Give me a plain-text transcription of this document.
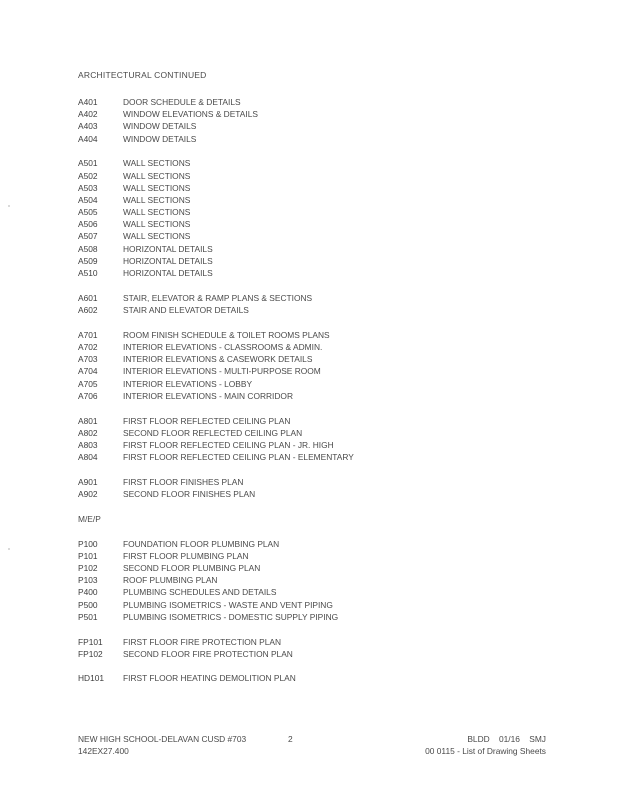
ARCHITECTURAL CONTINUED
A401	DOOR SCHEDULE & DETAILS
A402	WINDOW ELEVATIONS & DETAILS
A403	WINDOW DETAILS
A404	WINDOW DETAILS
A501	WALL SECTIONS
A502	WALL SECTIONS
A503	WALL SECTIONS
A504	WALL SECTIONS
A505	WALL SECTIONS
A506	WALL SECTIONS
A507	WALL SECTIONS
A508	HORIZONTAL DETAILS
A509	HORIZONTAL DETAILS
A510	HORIZONTAL DETAILS
A601	STAIR, ELEVATOR & RAMP PLANS & SECTIONS
A602	STAIR AND ELEVATOR DETAILS
A701	ROOM FINISH SCHEDULE & TOILET ROOMS PLANS
A702	INTERIOR ELEVATIONS - CLASSROOMS & ADMIN.
A703	INTERIOR ELEVATIONS & CASEWORK DETAILS
A704	INTERIOR ELEVATIONS - MULTI-PURPOSE ROOM
A705	INTERIOR ELEVATIONS - LOBBY
A706	INTERIOR ELEVATIONS - MAIN CORRIDOR
A801	FIRST FLOOR REFLECTED CEILING PLAN
A802	SECOND FLOOR REFLECTED CEILING PLAN
A803	FIRST FLOOR REFLECTED CEILING PLAN - JR. HIGH
A804	FIRST FLOOR REFLECTED CEILING PLAN - ELEMENTARY
A901	FIRST FLOOR FINISHES PLAN
A902	SECOND FLOOR FINISHES PLAN
M/E/P
P100	FOUNDATION FLOOR PLUMBING PLAN
P101	FIRST FLOOR PLUMBING PLAN
P102	SECOND FLOOR PLUMBING PLAN
P103	ROOF PLUMBING PLAN
P400	PLUMBING SCHEDULES AND DETAILS
P500	PLUMBING ISOMETRICS - WASTE AND VENT PIPING
P501	PLUMBING ISOMETRICS - DOMESTIC SUPPLY PIPING
FP101 FIRST FLOOR FIRE PROTECTION PLAN
FP102 SECOND FLOOR FIRE PROTECTION PLAN
HD101 FIRST FLOOR HEATING DEMOLITION PLAN
NEW HIGH SCHOOL-DELAVAN CUSD #703
142EX27.400
2	BLDD    01/16    SMJ
00 0115 - List of Drawing Sheets
